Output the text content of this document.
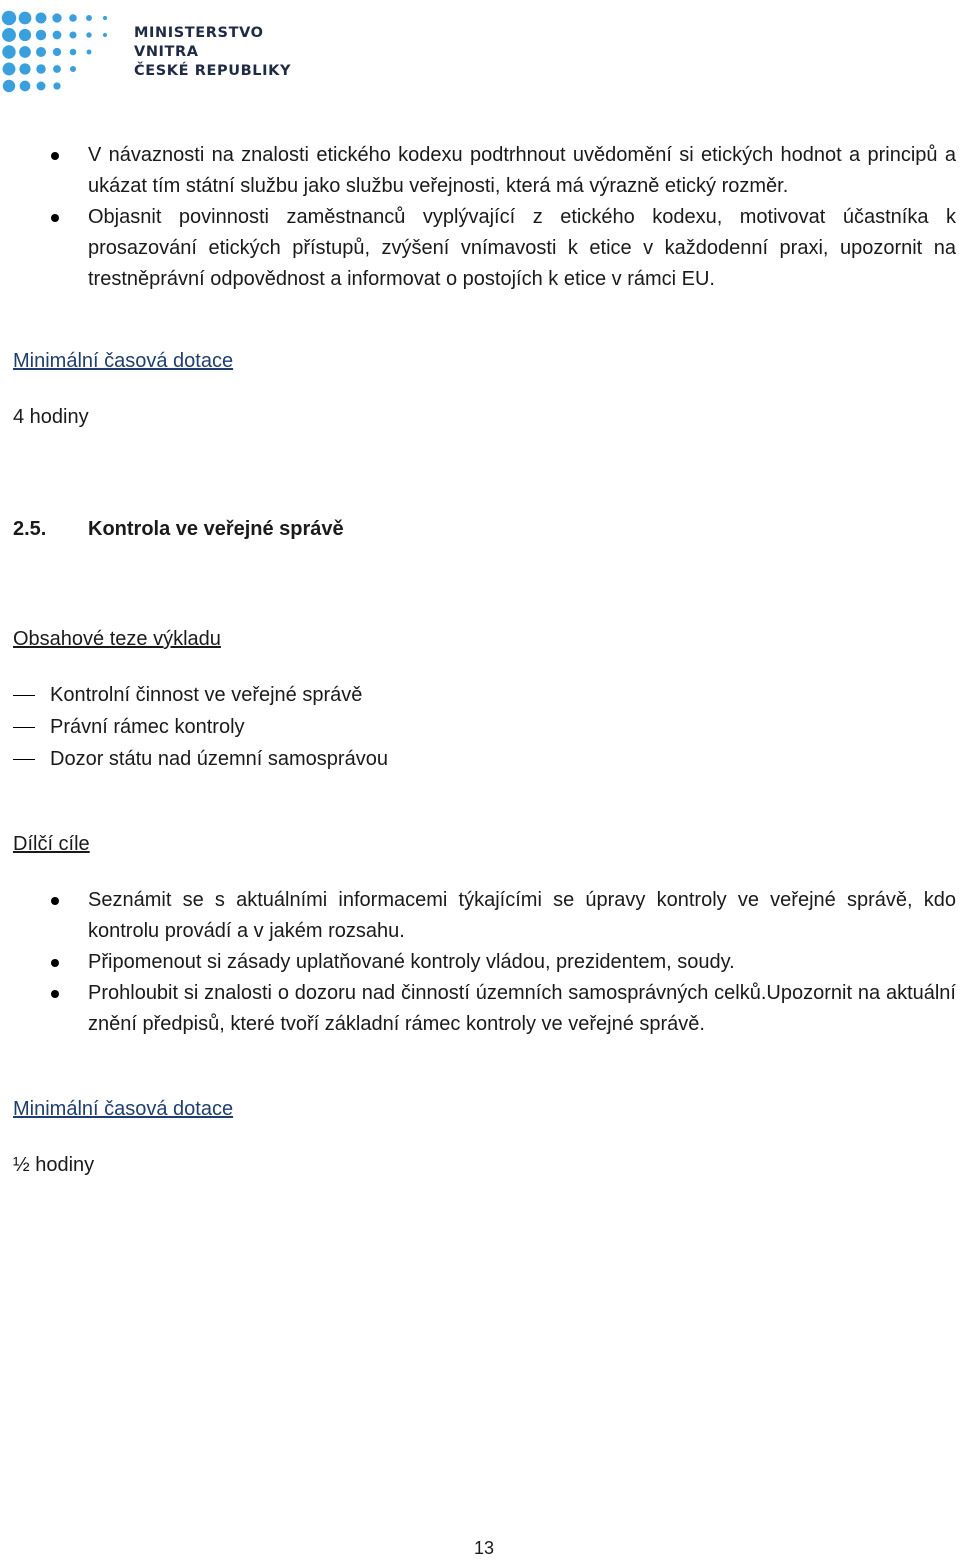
MINISTERSTVO VNITRA
ČESKÉ REPUBLIKY
V návaznosti na znalosti etického kodexu podtrhnout uvědomění si etických hodnot a principů a ukázat tím státní službu jako službu veřejnosti, která má výrazně etický rozměr.
Objasnit povinnosti zaměstnanců vyplývající z etického kodexu, motivovat účastníka k prosazování etických přístupů, zvýšení vnímavosti k etice v každodenní praxi, upozornit na trestněprávní odpovědnost a informovat o postojích k etice v rámci EU.

Minimální časová dotace

4 hodiny

2.5. Kontrola ve veřejné správě

Obsahové teze výkladu

Kontrolní činnost ve veřejné správě
Právní rámec kontroly
Dozor státu nad územní samosprávou

Dílčí cíle

Seznámit se s aktuálními informacemi týkajícími se úpravy kontroly ve veřejné správě, kdo kontrolu provádí a v jakém rozsahu.
Připomenout si zásady uplatňované kontroly vládou, prezidentem, soudy.
Prohloubit si znalosti o dozoru nad činností územních samosprávných celků.Upozornit na aktuální znění předpisů, které tvoří základní rámec kontroly ve veřejné správě.

Minimální časová dotace

½ hodiny

13
